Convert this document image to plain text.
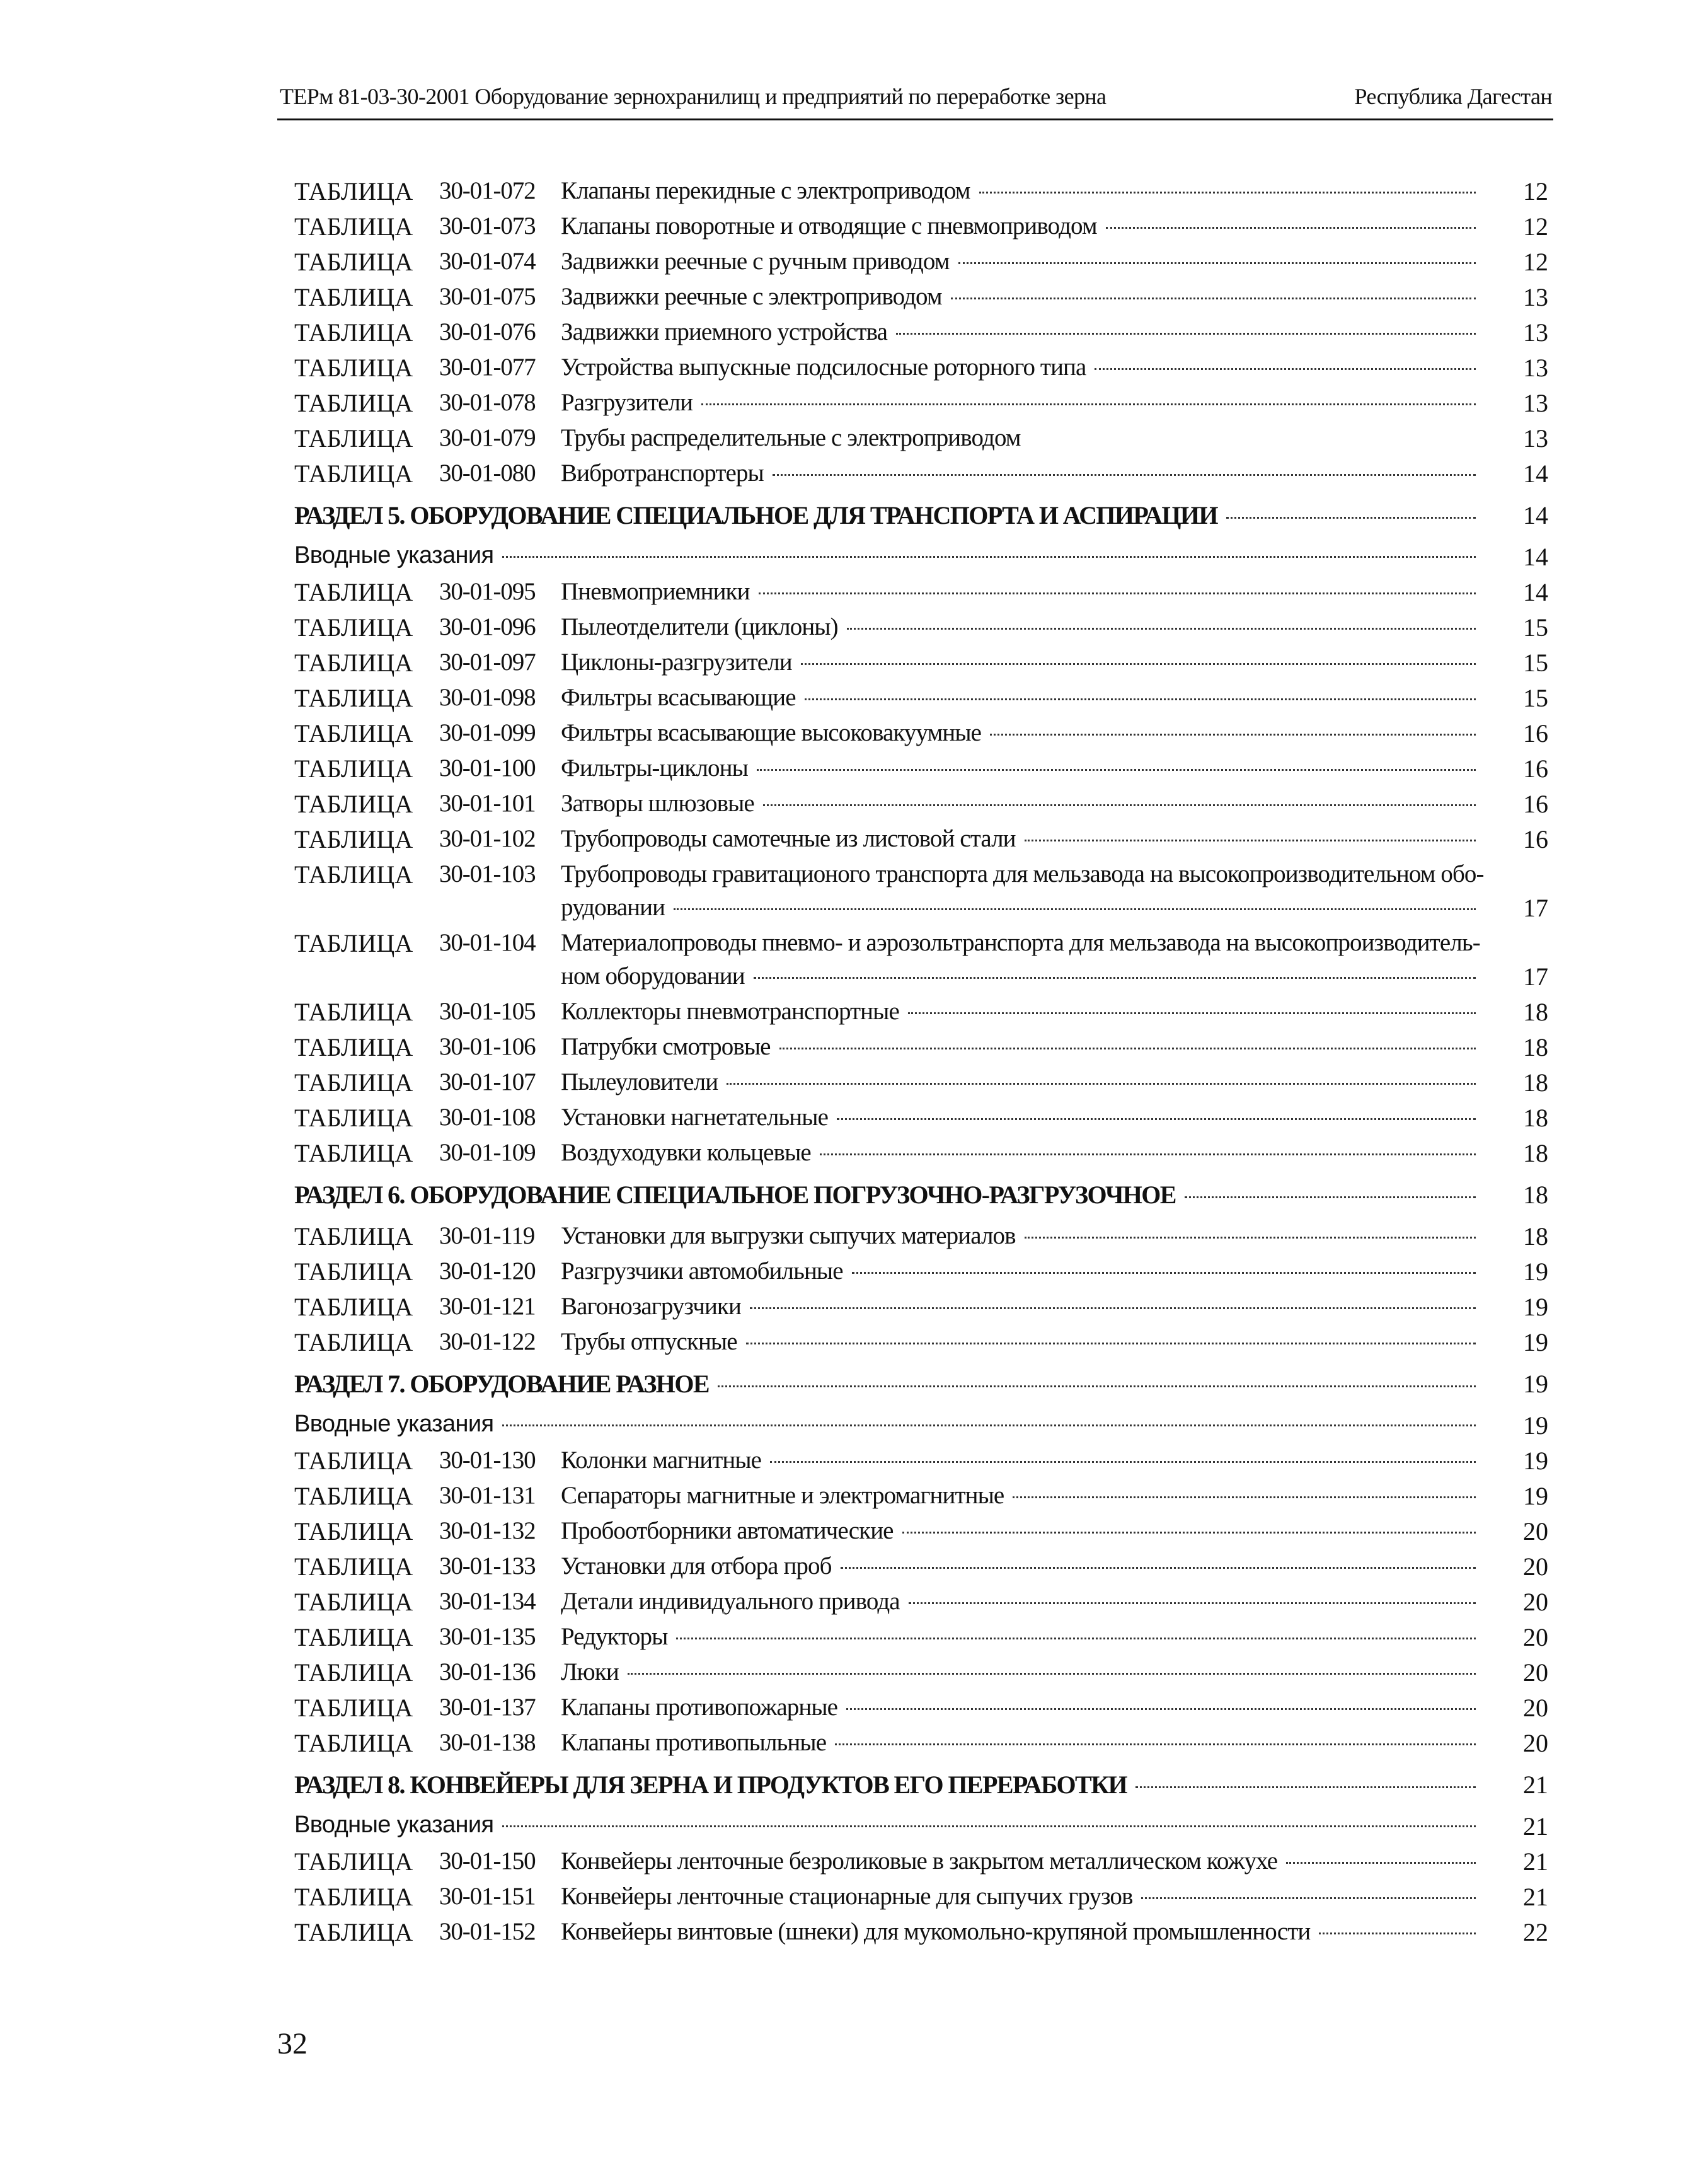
ТЕРм 81-03-30-2001 Оборудование зернохранилищ и предприятий по переработке зерна	Республика Дагестан
ТАБЛИЦА 30-01-072 Клапаны перекидные с электроприводом	12
ТАБЛИЦА 30-01-073 Клапаны поворотные и отводящие с пневмоприводом	12
ТАБЛИЦА 30-01-074 Задвижки реечные с ручным приводом	12
ТАБЛИЦА 30-01-075 Задвижки реечные с электроприводом	13
ТАБЛИЦА 30-01-076 Задвижки приемного устройства	13
ТАБЛИЦА 30-01-077 Устройства выпускные подсилосные роторного типа	13
ТАБЛИЦА 30-01-078 Разгрузители	13
ТАБЛИЦА 30-01-079 Трубы распределительные с электроприводом	13
ТАБЛИЦА 30-01-080 Вибротранспортеры	14
РАЗДЕЛ 5. ОБОРУДОВАНИЕ СПЕЦИАЛЬНОЕ ДЛЯ ТРАНСПОРТА И АСПИРАЦИИ	14
Вводные указания	14
ТАБЛИЦА 30-01-095 Пневмоприемники	14
ТАБЛИЦА 30-01-096 Пылеотделители (циклоны)	15
ТАБЛИЦА 30-01-097 Циклоны-разгрузители	15
ТАБЛИЦА 30-01-098 Фильтры всасывающие	15
ТАБЛИЦА 30-01-099 Фильтры всасывающие высоковакуумные	16
ТАБЛИЦА 30-01-100 Фильтры-циклоны	16
ТАБЛИЦА 30-01-101 Затворы шлюзовые	16
ТАБЛИЦА 30-01-102 Трубопроводы самотечные из листовой стали	16
ТАБЛИЦА 30-01-103 Трубопроводы гравитационого транспорта для мельзавода на высокопроизводительном обо-
рудовании	17
ТАБЛИЦА 30-01-104 Материалопроводы пневмо- и аэрозольтранспорта для мельзавода на высокопроизводитель-
ном оборудовании	17
ТАБЛИЦА 30-01-105 Коллекторы пневмотранспортные	18
ТАБЛИЦА 30-01-106 Патрубки смотровые	18
ТАБЛИЦА 30-01-107 Пылеуловители	18
ТАБЛИЦА 30-01-108 Установки нагнетательные	18
ТАБЛИЦА 30-01-109 Воздуходувки кольцевые	18
РАЗДЕЛ 6. ОБОРУДОВАНИЕ СПЕЦИАЛЬНОЕ ПОГРУЗОЧНО-РАЗГРУЗОЧНОЕ	18
ТАБЛИЦА 30-01-119 Установки для выгрузки сыпучих материалов	18
ТАБЛИЦА 30-01-120 Разгрузчики автомобильные	19
ТАБЛИЦА 30-01-121 Вагонозагрузчики	19
ТАБЛИЦА 30-01-122 Трубы отпускные	19
РАЗДЕЛ 7. ОБОРУДОВАНИЕ РАЗНОЕ	19
Вводные указания	19
ТАБЛИЦА 30-01-130 Колонки магнитные	19
ТАБЛИЦА 30-01-131 Сепараторы магнитные и электромагнитные	19
ТАБЛИЦА 30-01-132 Пробоотборники автоматические	20
ТАБЛИЦА 30-01-133 Установки для отбора проб	20
ТАБЛИЦА 30-01-134 Детали индивидуального привода	20
ТАБЛИЦА 30-01-135 Редукторы	20
ТАБЛИЦА 30-01-136 Люки	20
ТАБЛИЦА 30-01-137 Клапаны противопожарные	20
ТАБЛИЦА 30-01-138 Клапаны противопыльные	20
РАЗДЕЛ 8. КОНВЕЙЕРЫ ДЛЯ ЗЕРНА И ПРОДУКТОВ ЕГО ПЕРЕРАБОТКИ	21
Вводные указания	21
ТАБЛИЦА 30-01-150 Конвейеры ленточные безроликовые в закрытом металлическом кожухе	21
ТАБЛИЦА 30-01-151 Конвейеры ленточные стационарные для сыпучих грузов	21
ТАБЛИЦА 30-01-152 Конвейеры винтовые (шнеки) для мукомольно-крупяной промышленности	22
32
